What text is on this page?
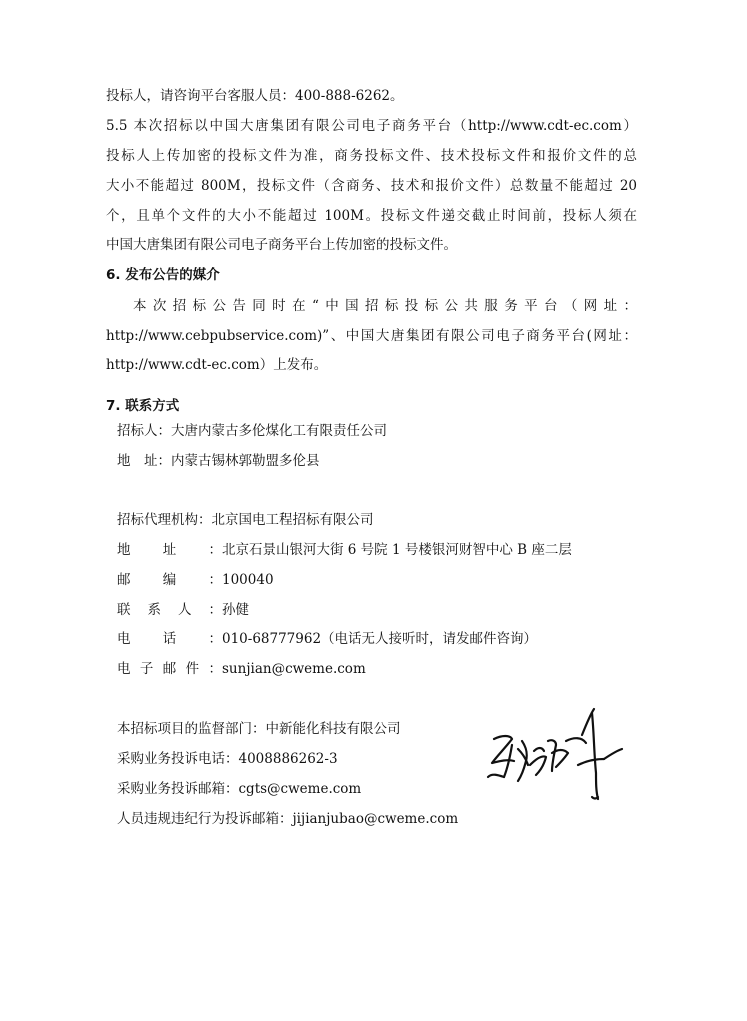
投标人，请咨询平台客服人员：400-888-6262。
5.5 本次招标以中国大唐集团有限公司电子商务平台（http://www.cdt-ec.com）
投标人上传加密的投标文件为准，商务投标文件、技术投标文件和报价文件的总
大小不能超过 800M，投标文件（含商务、技术和报价文件）总数量不能超过 20
个，且单个文件的大小不能超过 100M。投标文件递交截止时间前，投标人须在
中国大唐集团有限公司电子商务平台上传加密的投标文件。
6. 发布公告的媒介
本次招标公告同时在“中国招标投标公共服务平台（网址：
http://www.cebpubservice.com)”、中国大唐集团有限公司电子商务平台(网址：
http://www.cdt-ec.com）上发布。
7. 联系方式
招标人：大唐内蒙古多伦煤化工有限责任公司
地　址：内蒙古锡林郭勒盟多伦县
招标代理机构：北京国电工程招标有限公司
地址：北京石景山银河大街 6 号院 1 号楼银河财智中心 B 座二层
邮编：100040
联系人：孙健
电话：010-68777962（电话无人接听时，请发邮件咨询）
电子邮件：sunjian@cweme.com
本招标项目的监督部门：中新能化科技有限公司
采购业务投诉电话：4008886262-3
采购业务投诉邮箱：cgts@cweme.com
人员违规违纪行为投诉邮箱：jijianjubao@cweme.com
